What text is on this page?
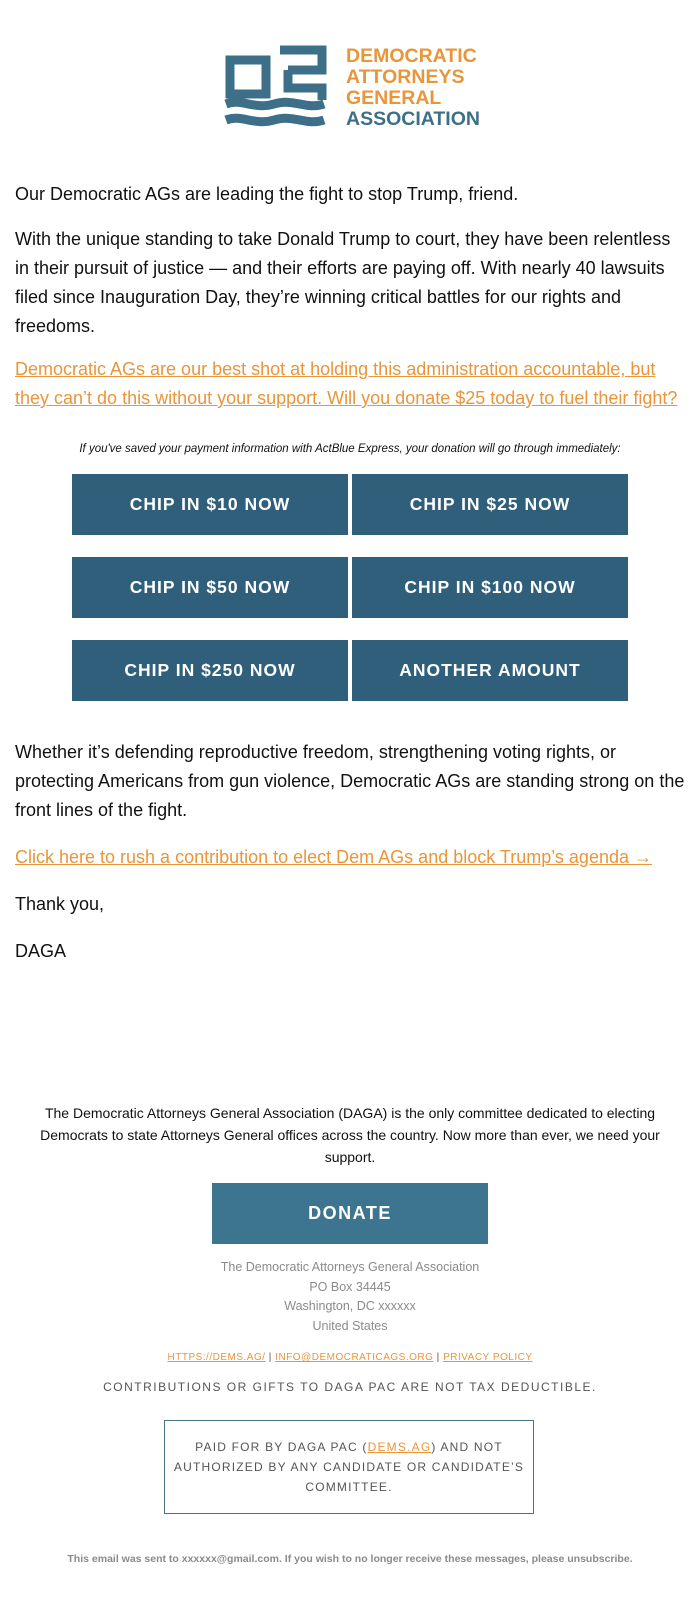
DEMOCRATIC
ATTORNEYS
GENERAL
ASSOCIATION

Our Democratic AGs are leading the fight to stop Trump, friend.

With the unique standing to take Donald Trump to court, they have been relentless in their pursuit of justice — and their efforts are paying off. With nearly 40 lawsuits filed since Inauguration Day, they’re winning critical battles for our rights and freedoms.

Democratic AGs are our best shot at holding this administration accountable, but they can’t do this without your support. Will you donate $25 today to fuel their fight?

If you've saved your payment information with ActBlue Express, your donation will go through immediately:
CHIP IN $10 NOW	CHIP IN $25 NOW
CHIP IN $50 NOW	CHIP IN $100 NOW
CHIP IN $250 NOW	ANOTHER AMOUNT

Whether it’s defending reproductive freedom, strengthening voting rights, or protecting Americans from gun violence, Democratic AGs are standing strong on the front lines of the fight.

Click here to rush a contribution to elect Dem AGs and block Trump’s agenda →

Thank you,

DAGA

The Democratic Attorneys General Association (DAGA) is the only committee dedicated to electing Democrats to state Attorneys General offices across the country. Now more than ever, we need your support.

DONATE
The Democratic Attorneys General Association
PO Box 34445
Washington, DC xxxxxx
United States
HTTPS://DEMS.AG/ | INFO@DEMOCRATICAGS.ORG | PRIVACY POLICY
CONTRIBUTIONS OR GIFTS TO DAGA PAC ARE NOT TAX DEDUCTIBLE.
PAID FOR BY DAGA PAC (DEMS.AG) AND NOT AUTHORIZED BY ANY CANDIDATE OR CANDIDATE’S COMMITTEE.
This email was sent to xxxxxx@gmail.com. If you wish to no longer receive these messages, please unsubscribe.
